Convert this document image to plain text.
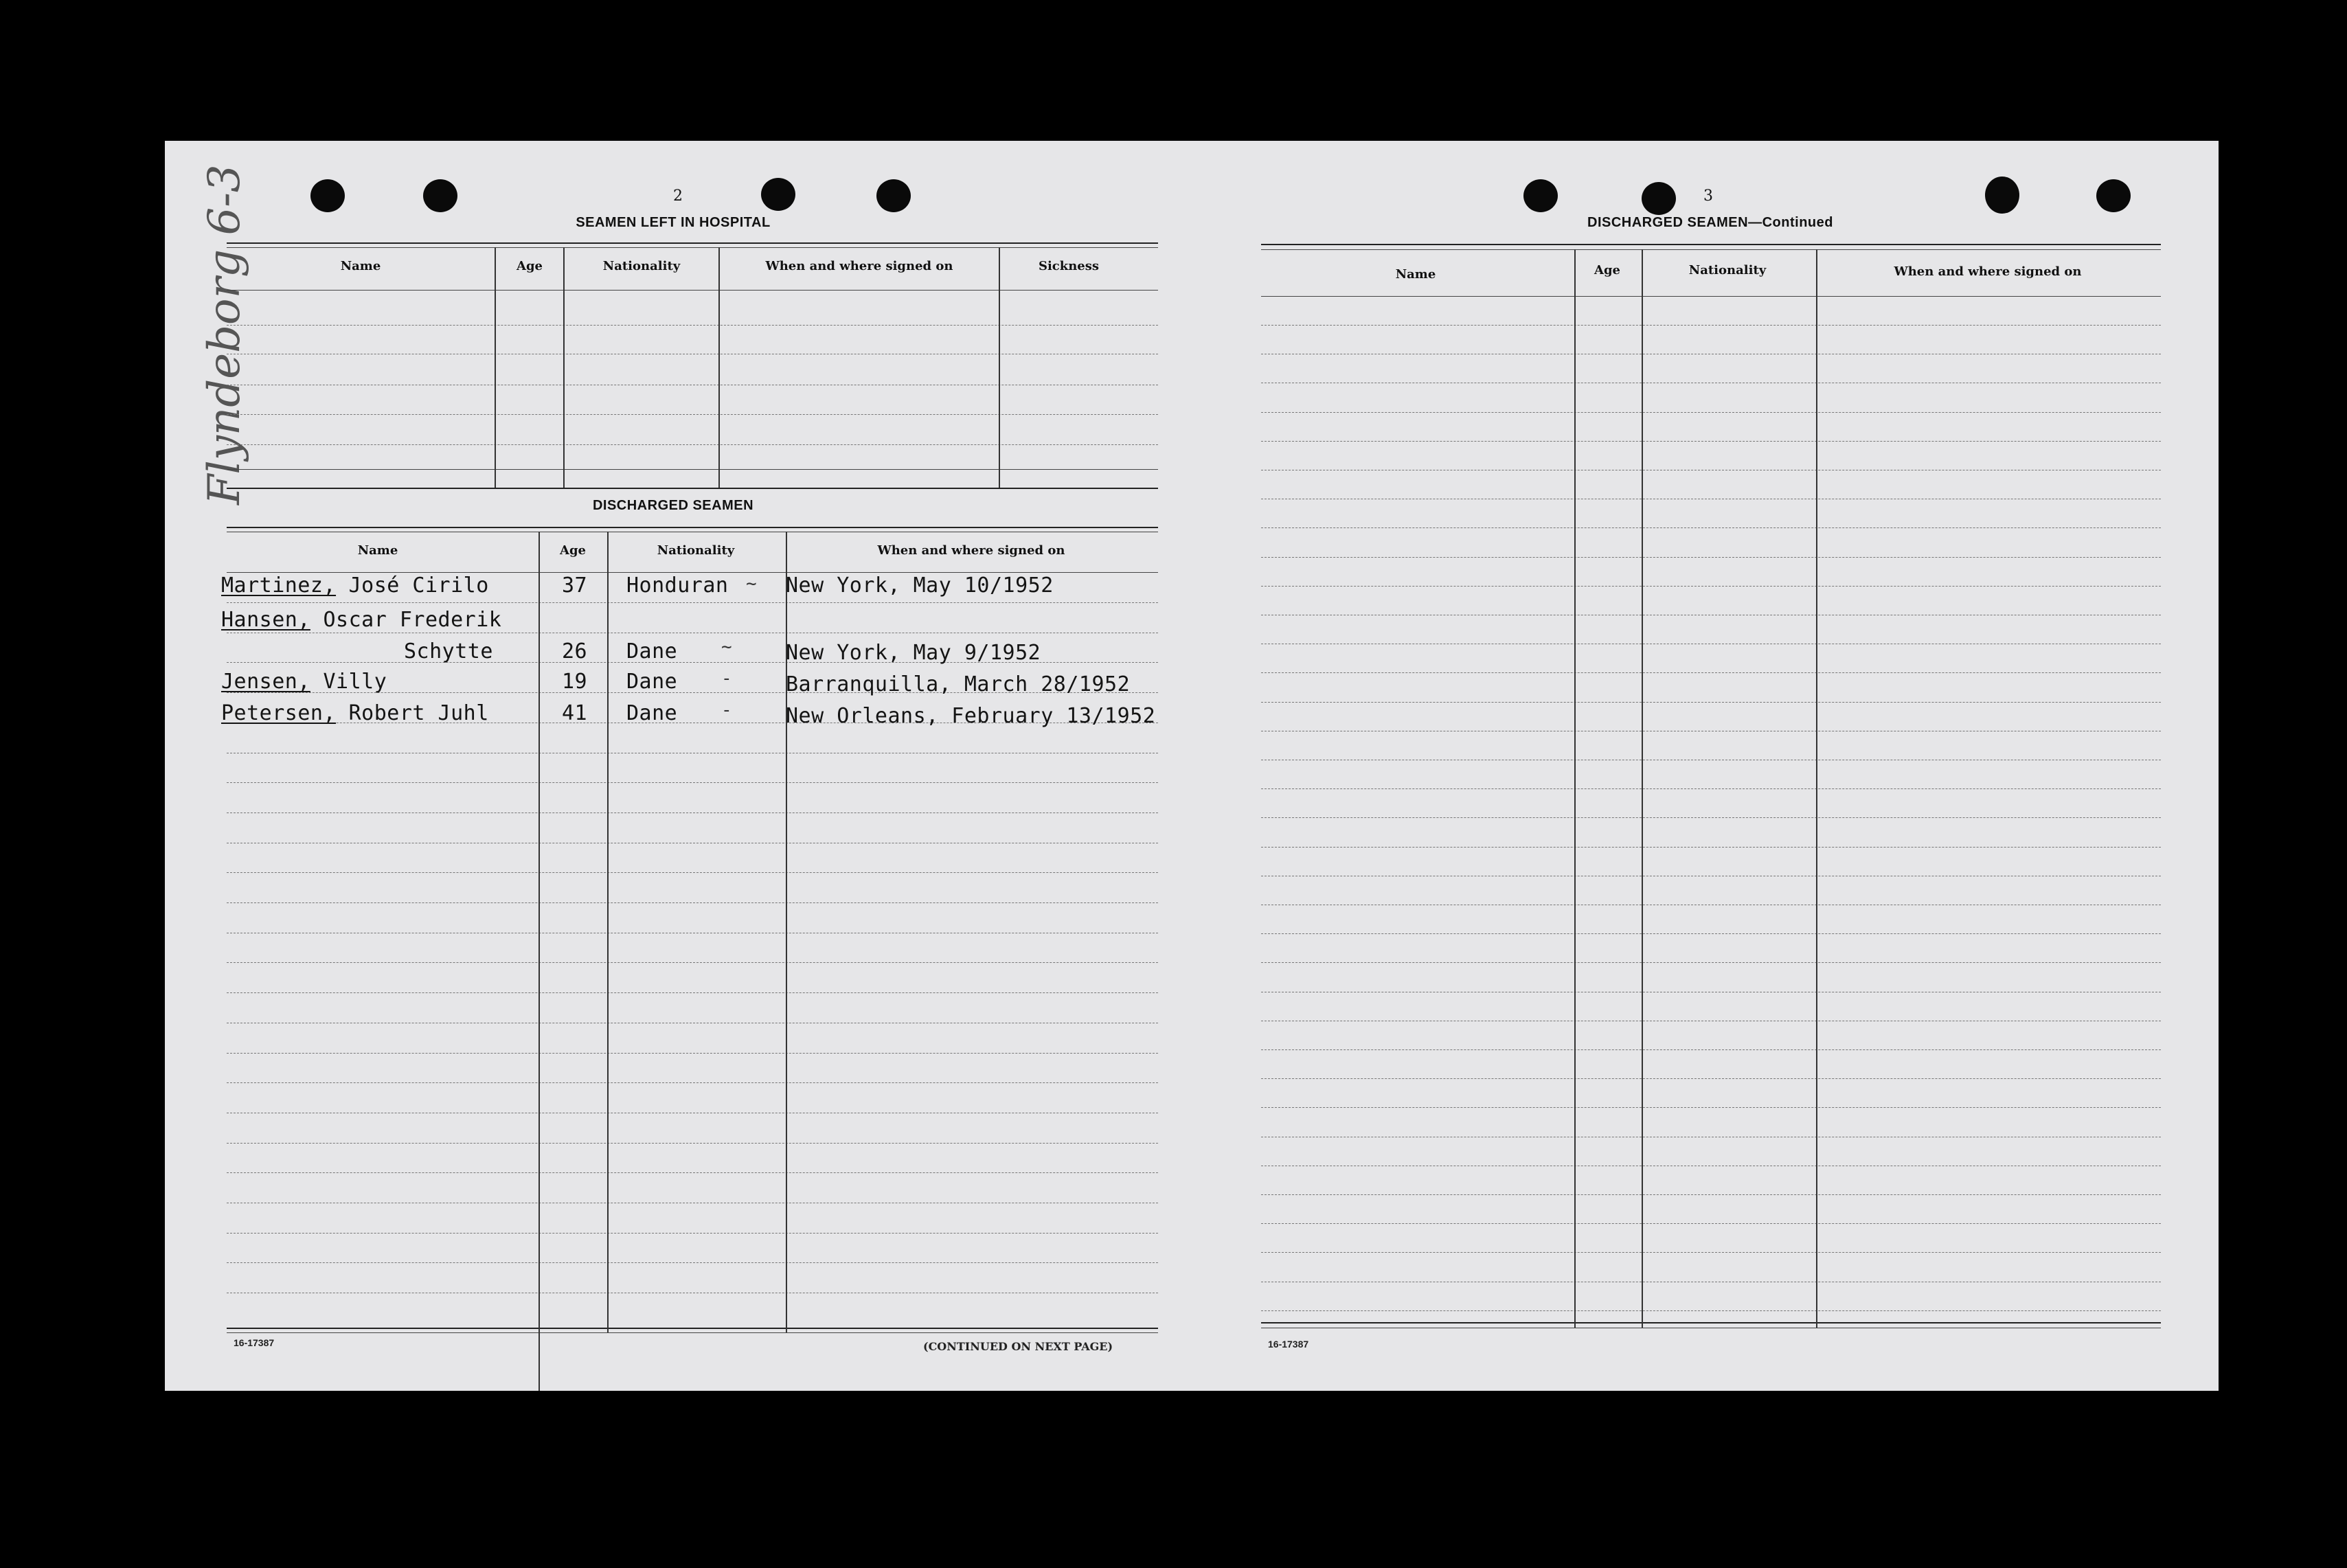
Flyndeborg 6-3	2
SEAMEN LEFT IN HOSPITAL
Name	Age	Nationality	When and where signed on	Sickness
DISCHARGED SEAMEN
Name	Age	Nationality	When and where signed on
Martinez, José Cirilo	37 Honduran ~ New York, May 10/1952
Hansen, Oscar Frederik
Schytte	26 Dane ~	New York, May 9/1952
Jensen, Villy	19 Dane -	Barranquilla, March 28/1952
Petersen, Robert Juhl	41 Dane -	New Orleans, February 13/1952
16-17387	(CONTINUED ON NEXT PAGE)
3
DISCHARGED SEAMEN—Continued
Name	Age	Nationality	When and where signed on
16-17387
